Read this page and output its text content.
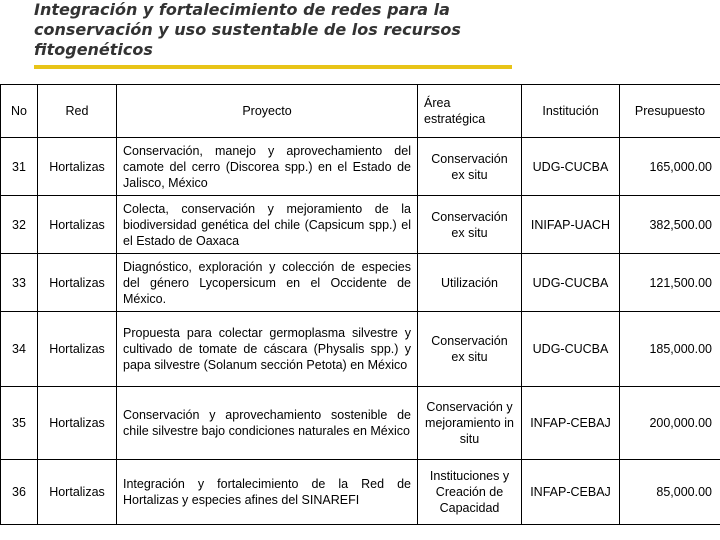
Integración y fortalecimiento de redes para la
conservación y uso sustentable de los recursos
fitogenéticos
No	Red	Proyecto	Área estratégica	Institución	Presupuesto
31	Hortalizas	Conservación, manejo y aprovechamiento del camote del cerro (Discorea spp.) en el Estado de Jalisco, México	Conservación ex situ	UDG-CUCBA	165,000.00
32	Hortalizas	Colecta, conservación y mejoramiento de la biodiversidad genética del chile (Capsicum spp.) el el Estado de Oaxaca	Conservación ex situ	INIFAP-UACH	382,500.00
33	Hortalizas	Diagnóstico, exploración y colección de especies del género Lycopersicum en el Occidente de México.	Utilización	UDG-CUCBA	121,500.00
34	Hortalizas	Propuesta para colectar germoplasma silvestre y cultivado de tomate de cáscara (Physalis spp.) y papa silvestre (Solanum sección Petota) en México	Conservación ex situ	UDG-CUCBA	185,000.00
35	Hortalizas	Conservación y aprovechamiento sostenible de chile silvestre bajo condiciones naturales en México	Conservación y mejoramiento in situ	INFAP-CEBAJ	200,000.00
36	Hortalizas	Integración y fortalecimiento de la Red de Hortalizas y especies afines del SINAREFI	Instituciones y Creación de Capacidad	INFAP-CEBAJ	85,000.00
